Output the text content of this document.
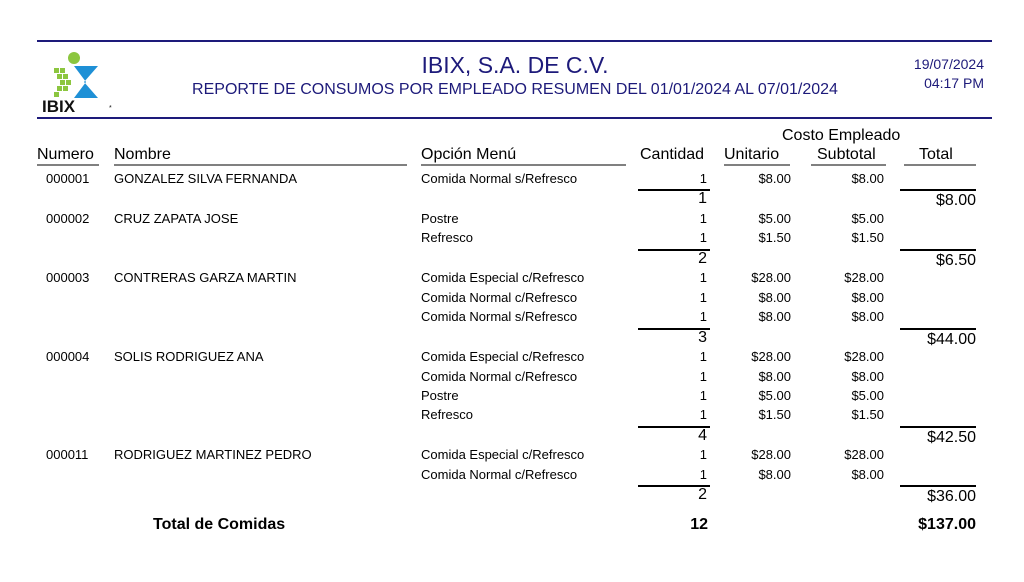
IBIX	*
IBIX, S.A. DE C.V.
REPORTE DE CONSUMOS POR EMPLEADO RESUMEN DEL 01/01/2024 AL 07/01/2024
19/07/2024
04:17 PM
Costo Empleado
Numero Nombre	Opción Menú	Cantidad Unitario Subtotal	Total
000001 GONZALEZ SILVA FERNANDA	Comida Normal s/Refresco	1	$8.00	$8.00
1	$8.00
000002 CRUZ ZAPATA JOSE	Postre	1	$5.00	$5.00
Refresco	1	$1.50	$1.50
2	$6.50
000003 CONTRERAS GARZA MARTIN	Comida Especial c/Refresco	1	$28.00	$28.00
Comida Normal c/Refresco	1	$8.00	$8.00
Comida Normal s/Refresco	1	$8.00	$8.00
3	$44.00
000004 SOLIS RODRIGUEZ ANA	Comida Especial c/Refresco	1	$28.00	$28.00
Comida Normal c/Refresco	1	$8.00	$8.00
Postre	1	$5.00	$5.00
Refresco	1	$1.50	$1.50
4	$42.50
000011 RODRIGUEZ MARTINEZ PEDRO	Comida Especial c/Refresco	1	$28.00	$28.00
Comida Normal c/Refresco	1	$8.00	$8.00
2	$36.00
Total de Comidas	12	$137.00
